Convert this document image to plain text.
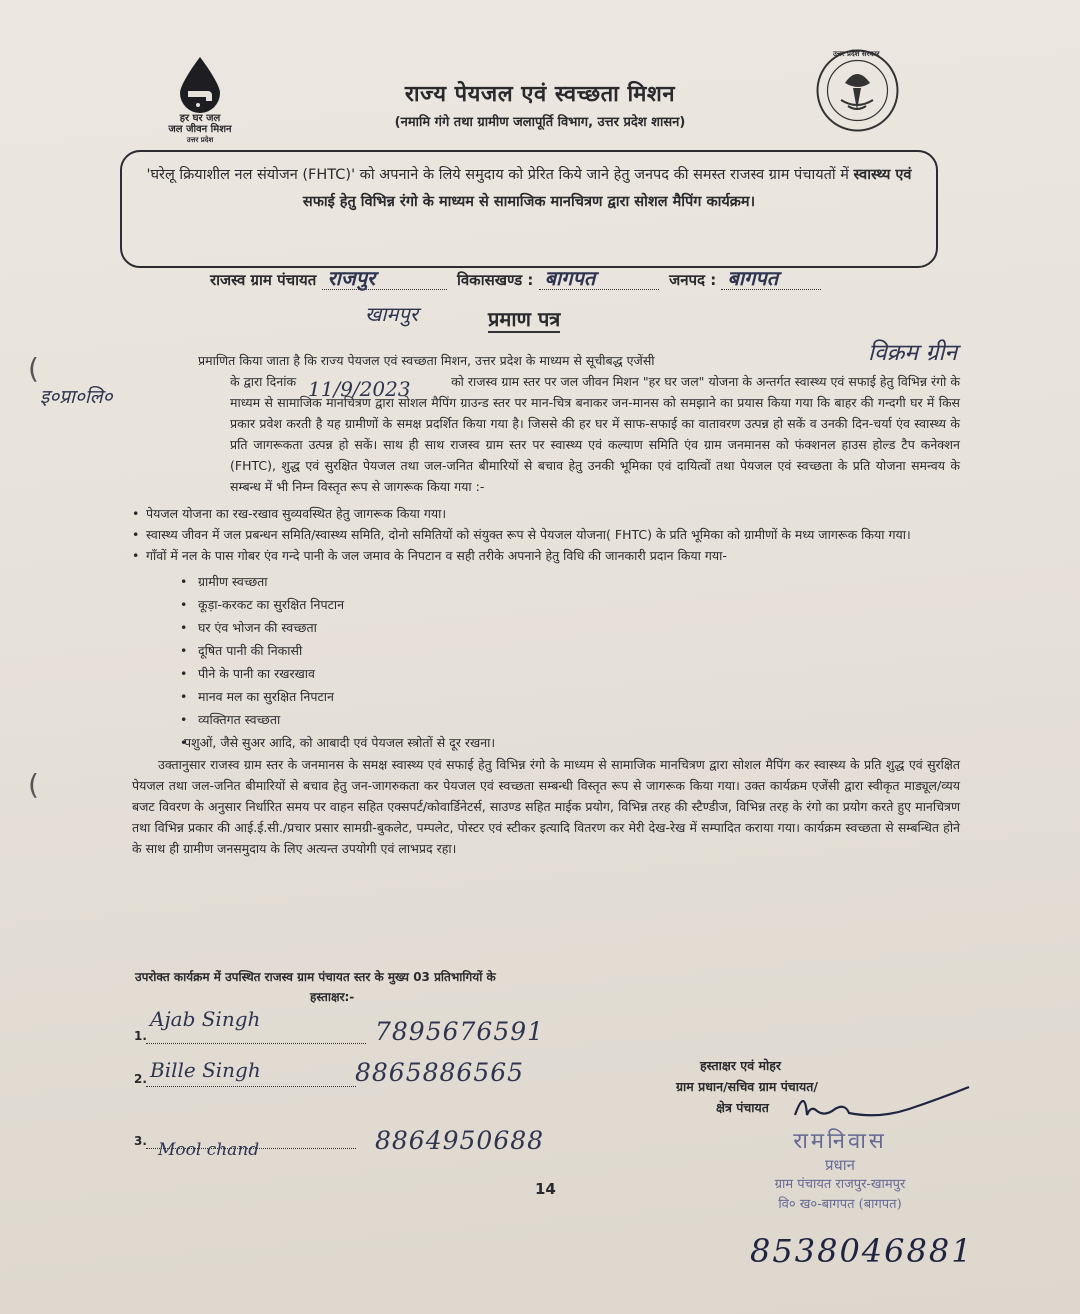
हर घर जल
जल जीवन मिशन
उत्तर प्रदेश
उत्तर प्रदेश सरकार
राज्य पेयजल एवं स्वच्छता मिशन
(नमामि गंगे तथा ग्रामीण जलापूर्ति विभाग, उत्तर प्रदेश शासन)
'घरेलू क्रियाशील नल संयोजन (FHTC)' को अपनाने के लिये समुदाय को प्रेरित किये जाने हेतु जनपद की समस्त राजस्व ग्राम पंचायतों में स्वास्थ्य एवं सफाई हेतु विभिन्न रंगो के माध्यम से सामाजिक मानचित्रण द्वारा सोशल मैपिंग कार्यक्रम।
राजस्व ग्राम पंचायत राजपुर	विकासखण्ड : बागपत	जनपद : बागपत
खामपुर	प्रमाण पत्र
(
(
विक्रम ग्रीन
इ०प्रा०लि०	11/9/2023

प्रमाणित किया जाता है कि राज्य पेयजल एवं स्वच्छता मिशन, उत्तर प्रदेश के माध्यम से सूचीबद्ध एजेंसी

के द्वारा दिनांक	को राजस्व ग्राम स्तर पर जल जीवन मिशन "हर घर जल" योजना के अन्तर्गत स्वास्थ्य एवं सफाई हेतु विभिन्न रंगो के माध्यम से सामाजिक मानचित्रण द्वारा सोशल मैपिंग ग्राउन्ड स्तर पर मान-चित्र बनाकर जन-मानस को समझाने का प्रयास किया गया कि बाहर की गन्दगी घर में किस प्रकार प्रवेश करती है यह ग्रामीणों के समक्ष प्रदर्शित किया गया है। जिससे की हर घर में साफ-सफाई का वातावरण उत्पन्न हो सकें व उनकी दिन-चर्या एंव स्वास्थ्य के प्रति जागरूकता उत्पन्न हो सकें। साथ ही साथ राजस्व ग्राम स्तर पर स्वास्थ्य एवं कल्याण समिति एंव ग्राम जनमानस को फंक्शनल हाउस होल्ड टैप कनेक्शन (FHTC), शुद्ध एवं सुरक्षित पेयजल तथा जल-जनित बीमारियों से बचाव हेतु उनकी भूमिका एवं दायित्वों तथा पेयजल एवं स्वच्छता के प्रति योजना समन्वय के सम्बन्ध में भी निम्न विस्तृत रूप से जागरूक किया गया :-

• पेयजल योजना का रख-रखाव सुव्यवस्थित हेतु जागरूक किया गया।

• स्वास्थ्य जीवन में जल प्रबन्धन समिति/स्वास्थ्य समिति, दोनो समितियों को संयुक्त रूप से पेयजल योजना( FHTC) के प्रति भूमिका को ग्रामीणों के मध्य जागरूक किया गया।

• गाँवों में नल के पास गोबर एंव गन्दे पानी के जल जमाव के निपटान व सही तरीके अपनाने हेतु विधि की जानकारी प्रदान किया गया-

• ग्रामीण स्वच्छता

• कूड़ा-करकट का सुरक्षित निपटान

• घर एंव भोजन की स्वच्छता

• दूषित पानी की निकासी

• पीने के पानी का रखरखाव

• मानव मल का सुरक्षित निपटान

• व्यक्तिगत स्वच्छता

• पशुओं, जैसे सुअर आदि, को आबादी एवं पेयजल स्त्रोतों से दूर रखना।

उक्तानुसार राजस्व ग्राम स्तर के जनमानस के समक्ष स्वास्थ्य एवं सफाई हेतु विभिन्न रंगो के माध्यम से सामाजिक मानचित्रण द्वारा सोशल मैपिंग कर स्वास्थ्य के प्रति शुद्ध एवं सुरक्षित पेयजल तथा जल-जनित बीमारियों से बचाव हेतु जन-जागरुकता कर पेयजल एवं स्वच्छता सम्बन्धी विस्तृत रूप से जागरूक किया गया। उक्त कार्यक्रम एजेंसी द्वारा स्वीकृत माड्यूल/व्यय बजट विवरण के अनुसार निर्धारित समय पर वाहन सहित एक्सपर्ट/कोवार्डिनेटर्स, साउण्ड सहित माईक प्रयोग, विभिन्न तरह की स्टैण्डीज, विभिन्न तरह के रंगो का प्रयोग करते हुए मानचित्रण तथा विभिन्न प्रकार की आई.ई.सी./प्रचार प्रसार सामग्री-बुकलेट, पम्पलेट, पोस्टर एवं स्टीकर इत्यादि वितरण कर मेरी देख-रेख में सम्पादित कराया गया। कार्यक्रम स्वच्छता से सम्बन्धित होने के साथ ही ग्रामीण जनसमुदाय के लिए अत्यन्त उपयोगी एवं लाभप्रद रहा।

उपरोक्त कार्यक्रम में उपस्थित राजस्व ग्राम पंचायत स्तर के मुख्य 03 प्रतिभागियों के
हस्ताक्षर:-
1.
Ajab Singh	7895676591
2. Bille Singh	8865886565
3. Mool chand	8864950688
हस्ताक्षर एवं मोहर
ग्राम प्रधान/सचिव ग्राम पंचायत/
क्षेत्र पंचायत
रामनिवास
प्रधान
ग्राम पंचायत राजपुर-खामपुर
वि० ख०-बागपत (बागपत)
14
8538046881
